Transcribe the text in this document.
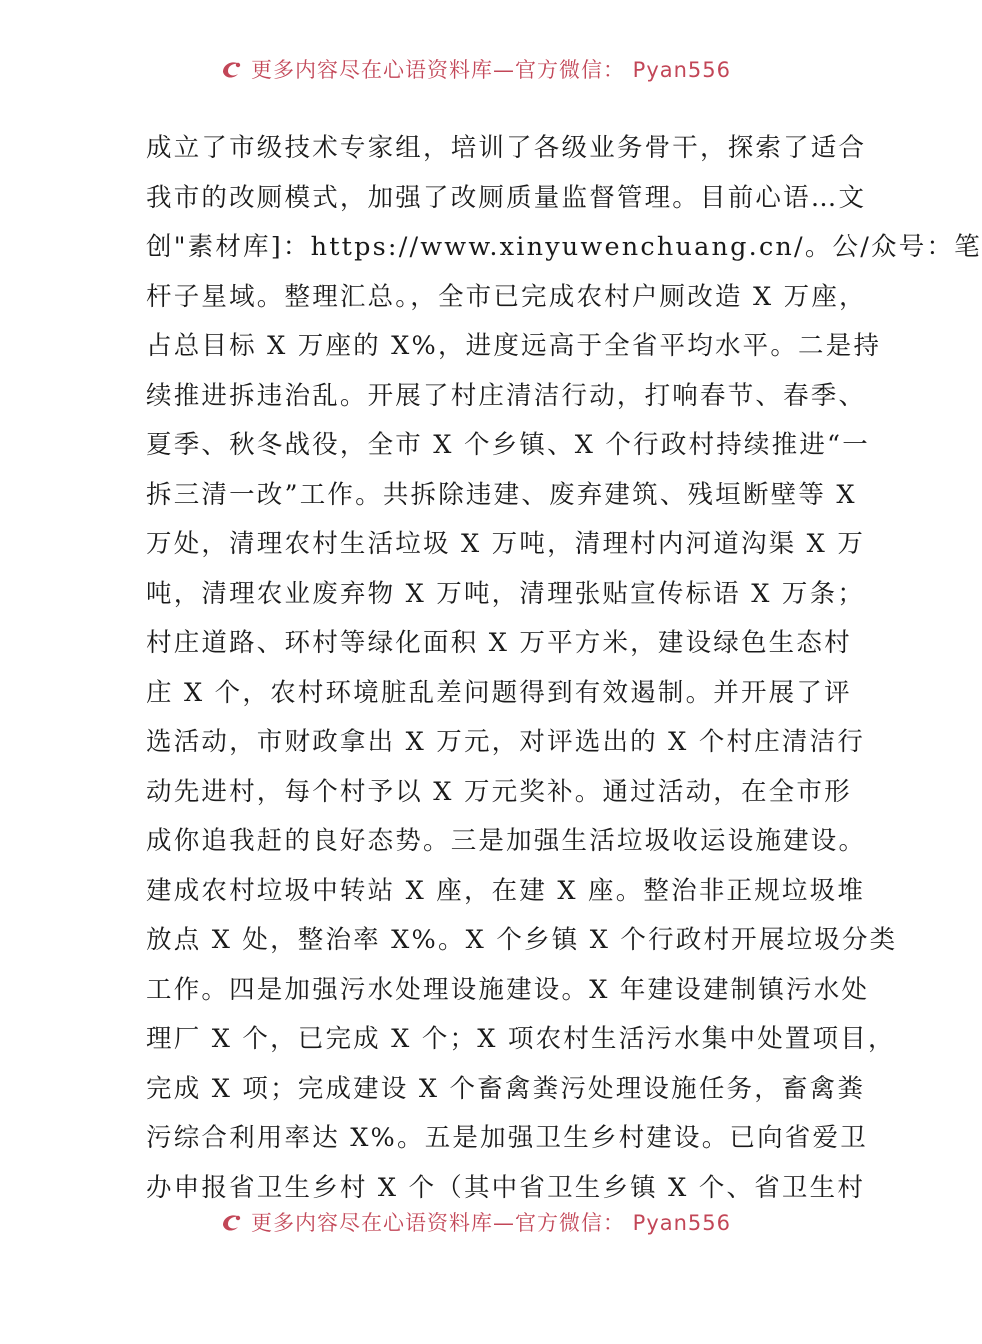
更多内容尽在心语资料库—官方微信： Pyan556
成立了市级技术专家组，培训了各级业务骨干，探索了适合
我市的改厕模式，加强了改厕质量监督管理。目前心语…文
创"素材库]：https://www.xinyuwenchuang.cn/。公/众号：笔
杆子星域。整理汇总。，全市已完成农村户厕改造 X 万座，
占总目标 X 万座的 X%，进度远高于全省平均水平。二是持
续推进拆违治乱。开展了村庄清洁行动，打响春节、春季、
夏季、秋冬战役，全市 X 个乡镇、X 个行政村持续推进“一
拆三清一改”工作。共拆除违建、废弃建筑、残垣断壁等 X
万处，清理农村生活垃圾 X 万吨，清理村内河道沟渠 X 万
吨，清理农业废弃物 X 万吨，清理张贴宣传标语 X 万条；
村庄道路、环村等绿化面积 X 万平方米，建设绿色生态村
庄 X 个，农村环境脏乱差问题得到有效遏制。并开展了评
选活动，市财政拿出 X 万元，对评选出的 X 个村庄清洁行
动先进村，每个村予以 X 万元奖补。通过活动，在全市形
成你追我赶的良好态势。三是加强生活垃圾收运设施建设。
建成农村垃圾中转站 X 座，在建 X 座。整治非正规垃圾堆
放点 X 处，整治率 X%。X 个乡镇 X 个行政村开展垃圾分类
工作。四是加强污水处理设施建设。X 年建设建制镇污水处
理厂 X 个，已完成 X 个；X 项农村生活污水集中处置项目，
完成 X 项；完成建设 X 个畜禽粪污处理设施任务，畜禽粪
污综合利用率达 X%。五是加强卫生乡村建设。已向省爱卫
办申报省卫生乡村 X 个（其中省卫生乡镇 X 个、省卫生村
更多内容尽在心语资料库—官方微信： Pyan556
